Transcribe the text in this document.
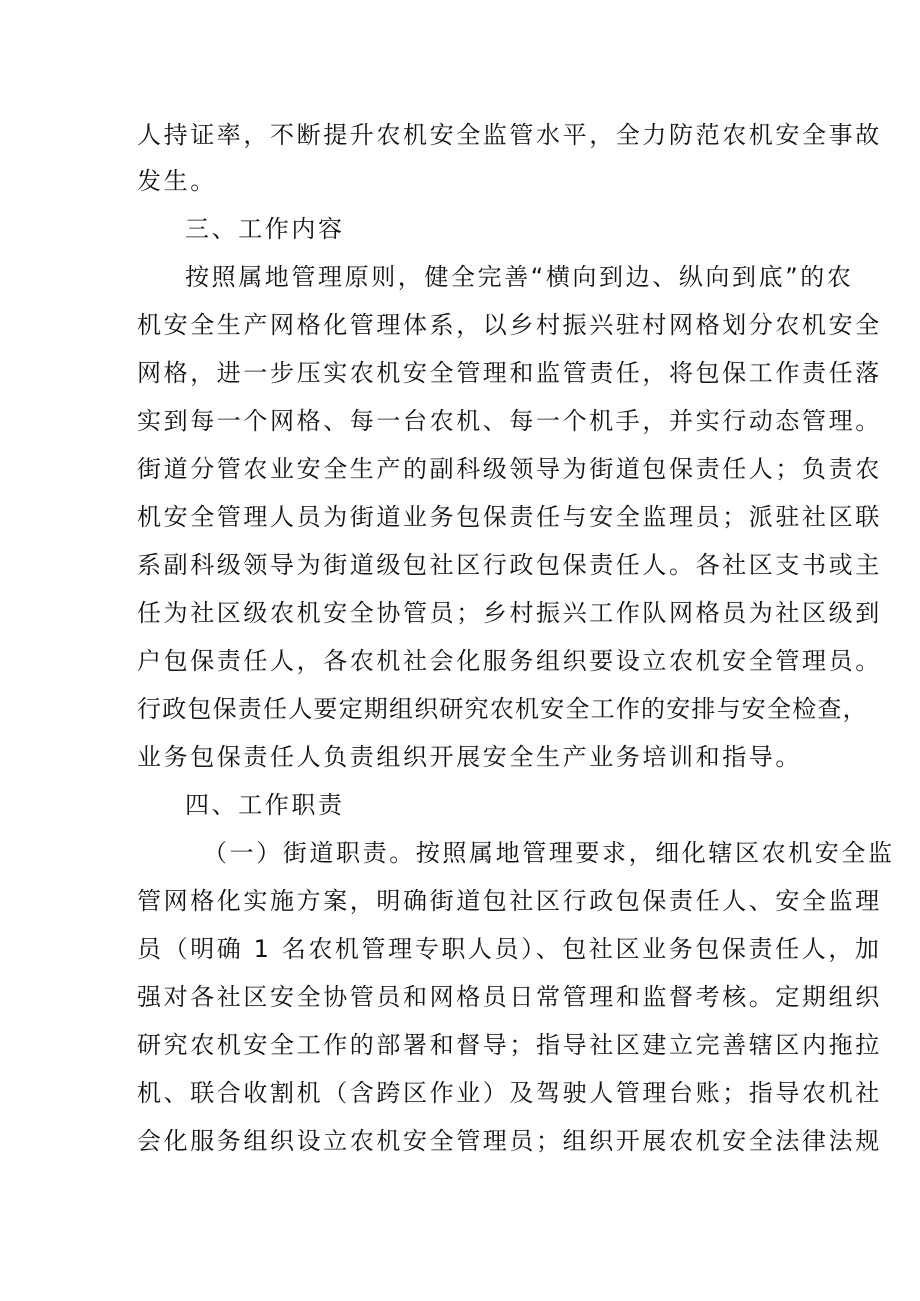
人持证率，不断提升农机安全监管水平，全力防范农机安全事故
发生。
三、工作内容
按照属地管理原则，健全完善“横向到边、纵向到底”的农
机安全生产网格化管理体系，以乡村振兴驻村网格划分农机安全
网格，进一步压实农机安全管理和监管责任，将包保工作责任落
实到每一个网格、每一台农机、每一个机手，并实行动态管理。
街道分管农业安全生产的副科级领导为街道包保责任人；负责农
机安全管理人员为街道业务包保责任与安全监理员；派驻社区联
系副科级领导为街道级包社区行政包保责任人。各社区支书或主
任为社区级农机安全协管员；乡村振兴工作队网格员为社区级到
户包保责任人，各农机社会化服务组织要设立农机安全管理员。
行政包保责任人要定期组织研究农机安全工作的安排与安全检查，
业务包保责任人负责组织开展安全生产业务培训和指导。
四、工作职责
（一）街道职责。按照属地管理要求，细化辖区农机安全监
管网格化实施方案，明确街道包社区行政包保责任人、安全监理
员（明确 1 名农机管理专职人员）、包社区业务包保责任人，加
强对各社区安全协管员和网格员日常管理和监督考核。定期组织
研究农机安全工作的部署和督导；指导社区建立完善辖区内拖拉
机、联合收割机（含跨区作业）及驾驶人管理台账；指导农机社
会化服务组织设立农机安全管理员；组织开展农机安全法律法规
